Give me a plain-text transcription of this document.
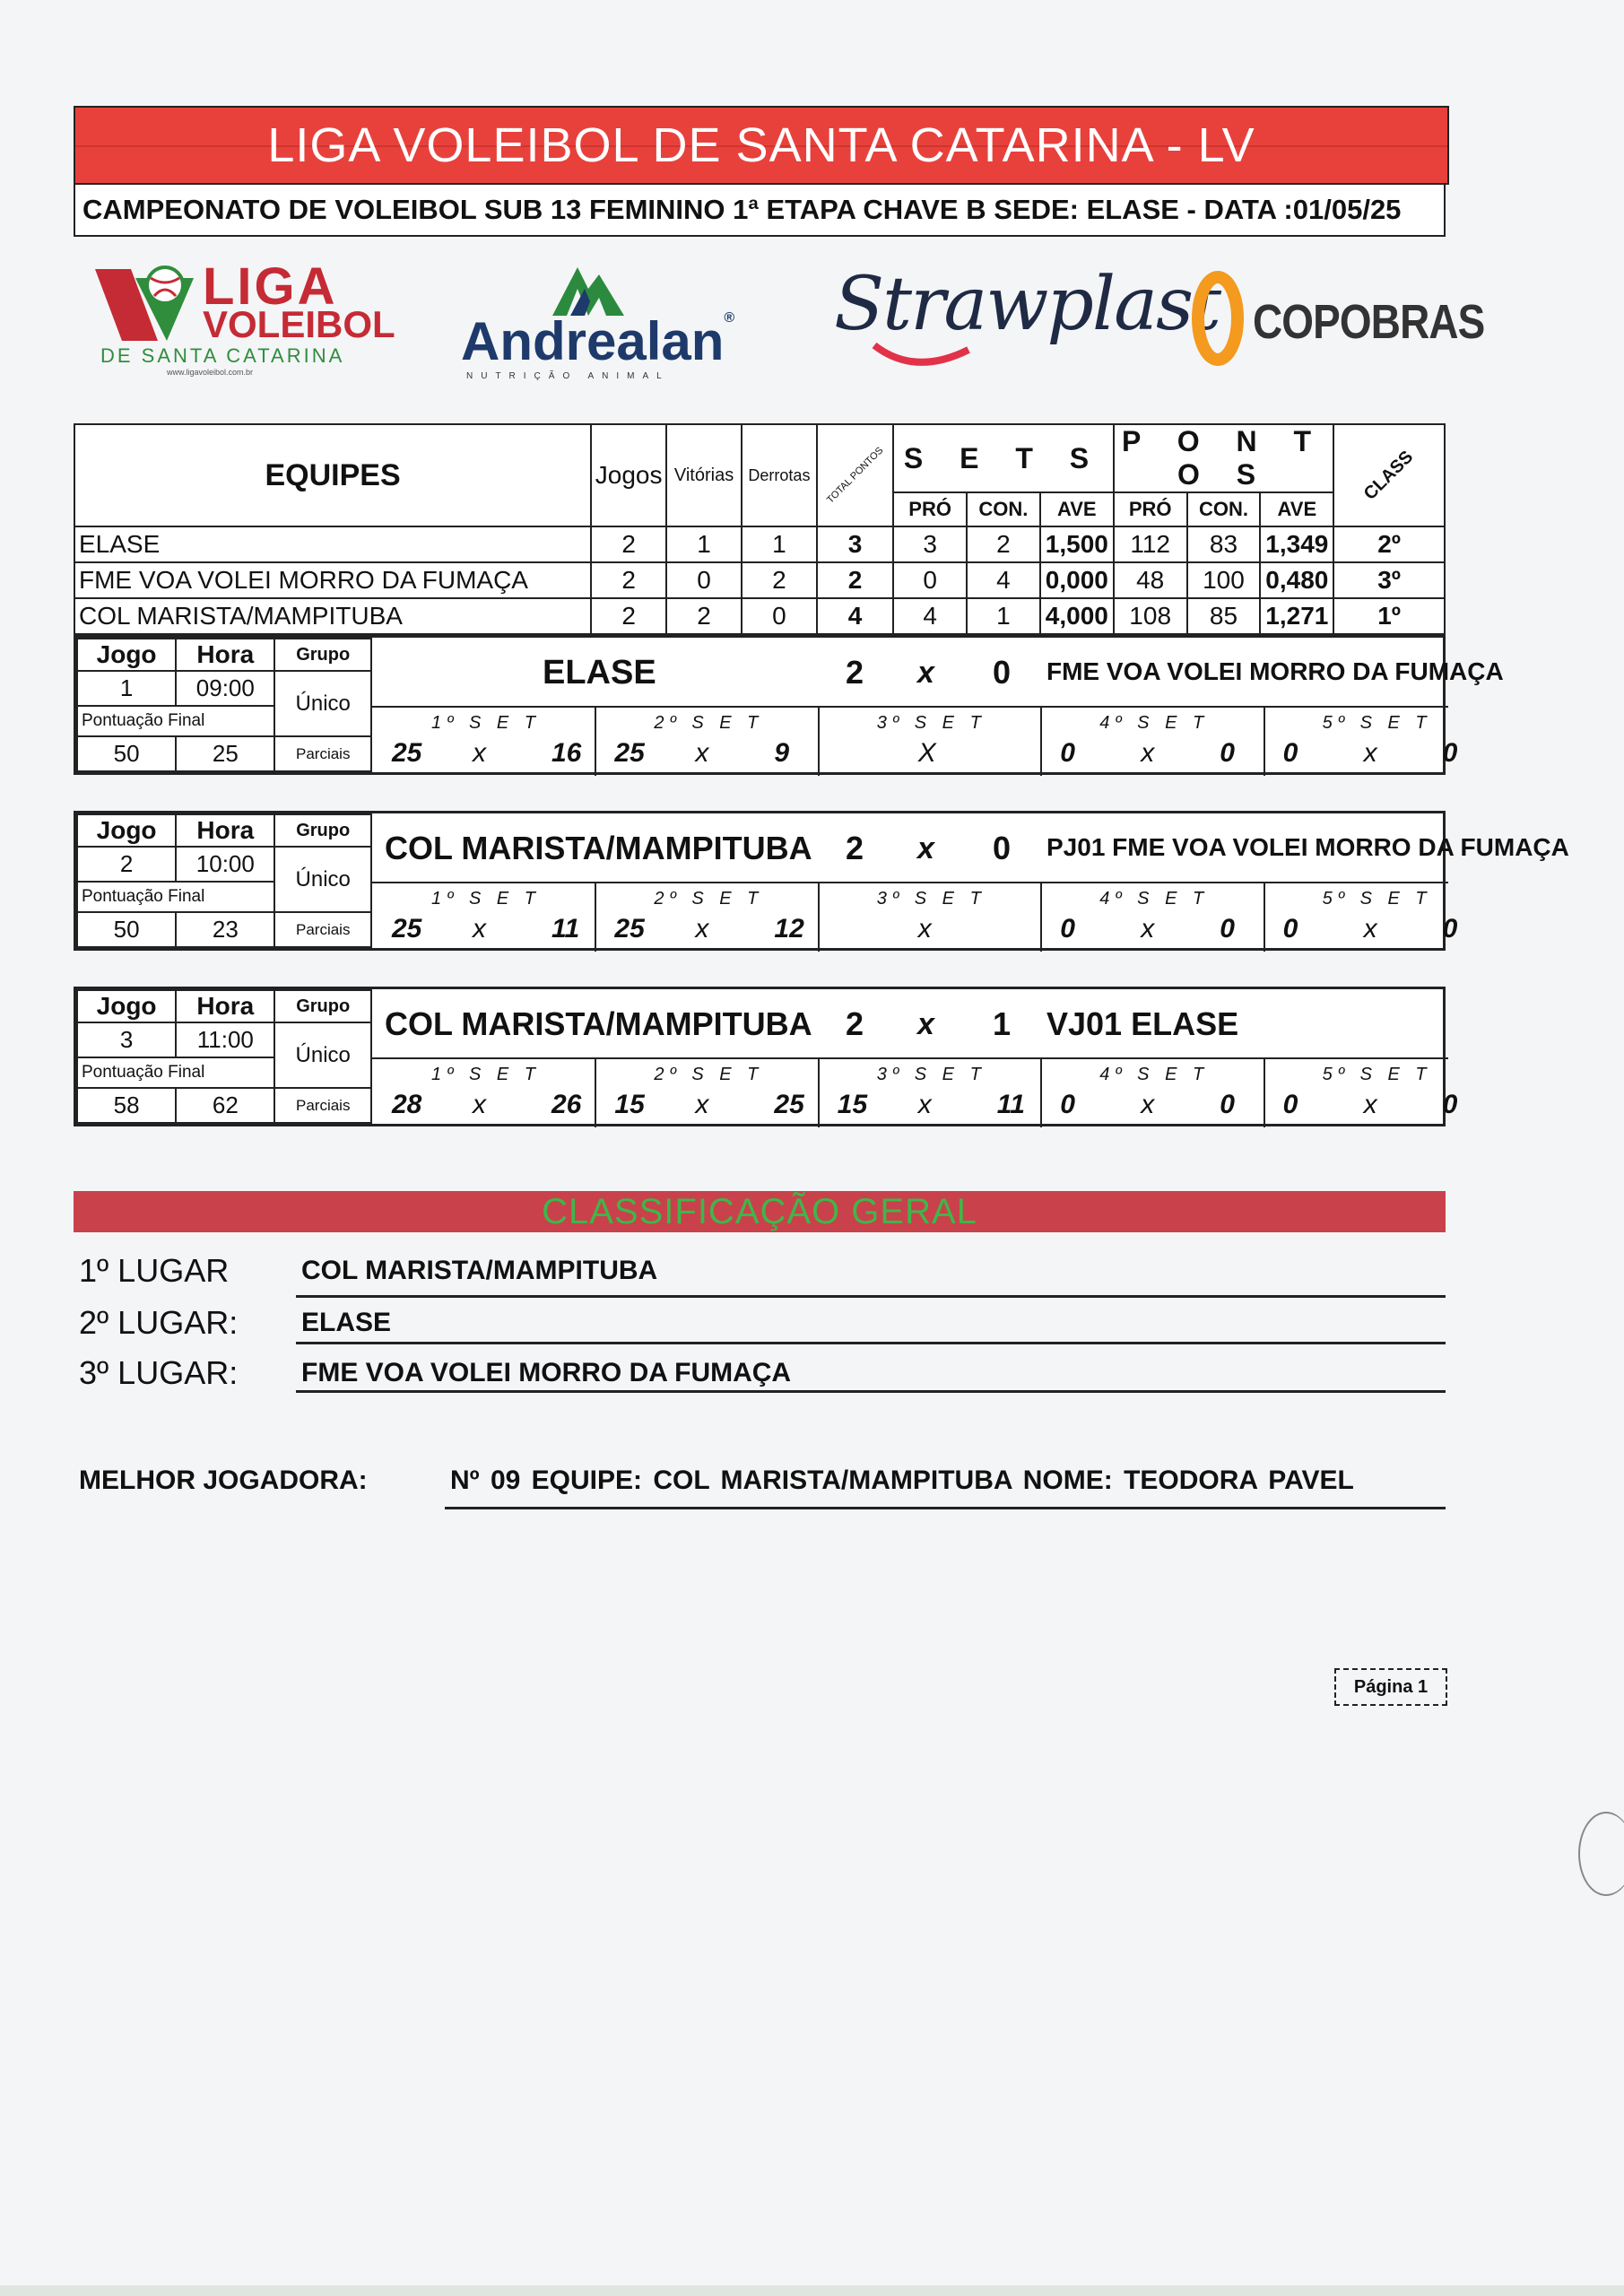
LIGA VOLEIBOL DE SANTA CATARINA - LV
CAMPEONATO DE VOLEIBOL SUB 13 FEMININO 1ª ETAPA CHAVE B SEDE: ELASE - DATA :01/05/25
LIGA
VOLEIBOL
DE SANTA CATARINA
www.ligavoleibol.com.br
Andrealan®
NUTRIÇÃO ANIMAL
Strawplast COPOBRAS
EQUIPES	Jogos	Vitórias	Derrotas	TOTAL PONTOS	S E T S			P O N T O S			CLASS

					PRÓ	CON.	AVE	PRÓ	CON.	AVE	
ELASE	2	1	1	3	3	2	1,500	112	83	1,349	2º
FME VOA VOLEI MORRO DA FUMAÇA	2	0	2	2	0	4	0,000	48	100	0,480	3º
COL MARISTA/MAMPITUBA	2	2	0	4	4	1	4,000	108	85	1,271	1º
Jogo	Hora	Grupo
1	09:00	Único
Pontuação Final		
50	25	Parciais
ELASE	2 x 0 FME VOA VOLEI MORRO DA FUMAÇA
1º S E T
25 x 16
2º S E T
25 x 9
3º S E T
X
4º S E T
0 x 0
5º S E T
0 x 0
Jogo	Hora	Grupo
2	10:00	Único
Pontuação Final		
50	23	Parciais
COL MARISTA/MAMPITUBA 2 x 0 PJ01 FME VOA VOLEI MORRO DA FUMAÇA
1º S E T
25 x 11
2º S E T
25 x 12
3º S E T
x
4º S E T
0 x 0
5º S E T
0 x 0
Jogo	Hora	Grupo
3	11:00	Único
Pontuação Final		
58	62	Parciais
COL MARISTA/MAMPITUBA 2 x 1 VJ01 ELASE
1º S E T
28 x 26
2º S E T
15 x 25
3º S E T
15 x 11
4º S E T
0 x 0
5º S E T
0 x 0
CLASSIFICAÇÃO GERAL
1º LUGAR	COL MARISTA/MAMPITUBA
2º LUGAR: ELASE
3º LUGAR: FME VOA VOLEI MORRO DA FUMAÇA
MELHOR JOGADORA:	Nº 09 EQUIPE: COL MARISTA/MAMPITUBA NOME: TEODORA PAVEL
Página 1
